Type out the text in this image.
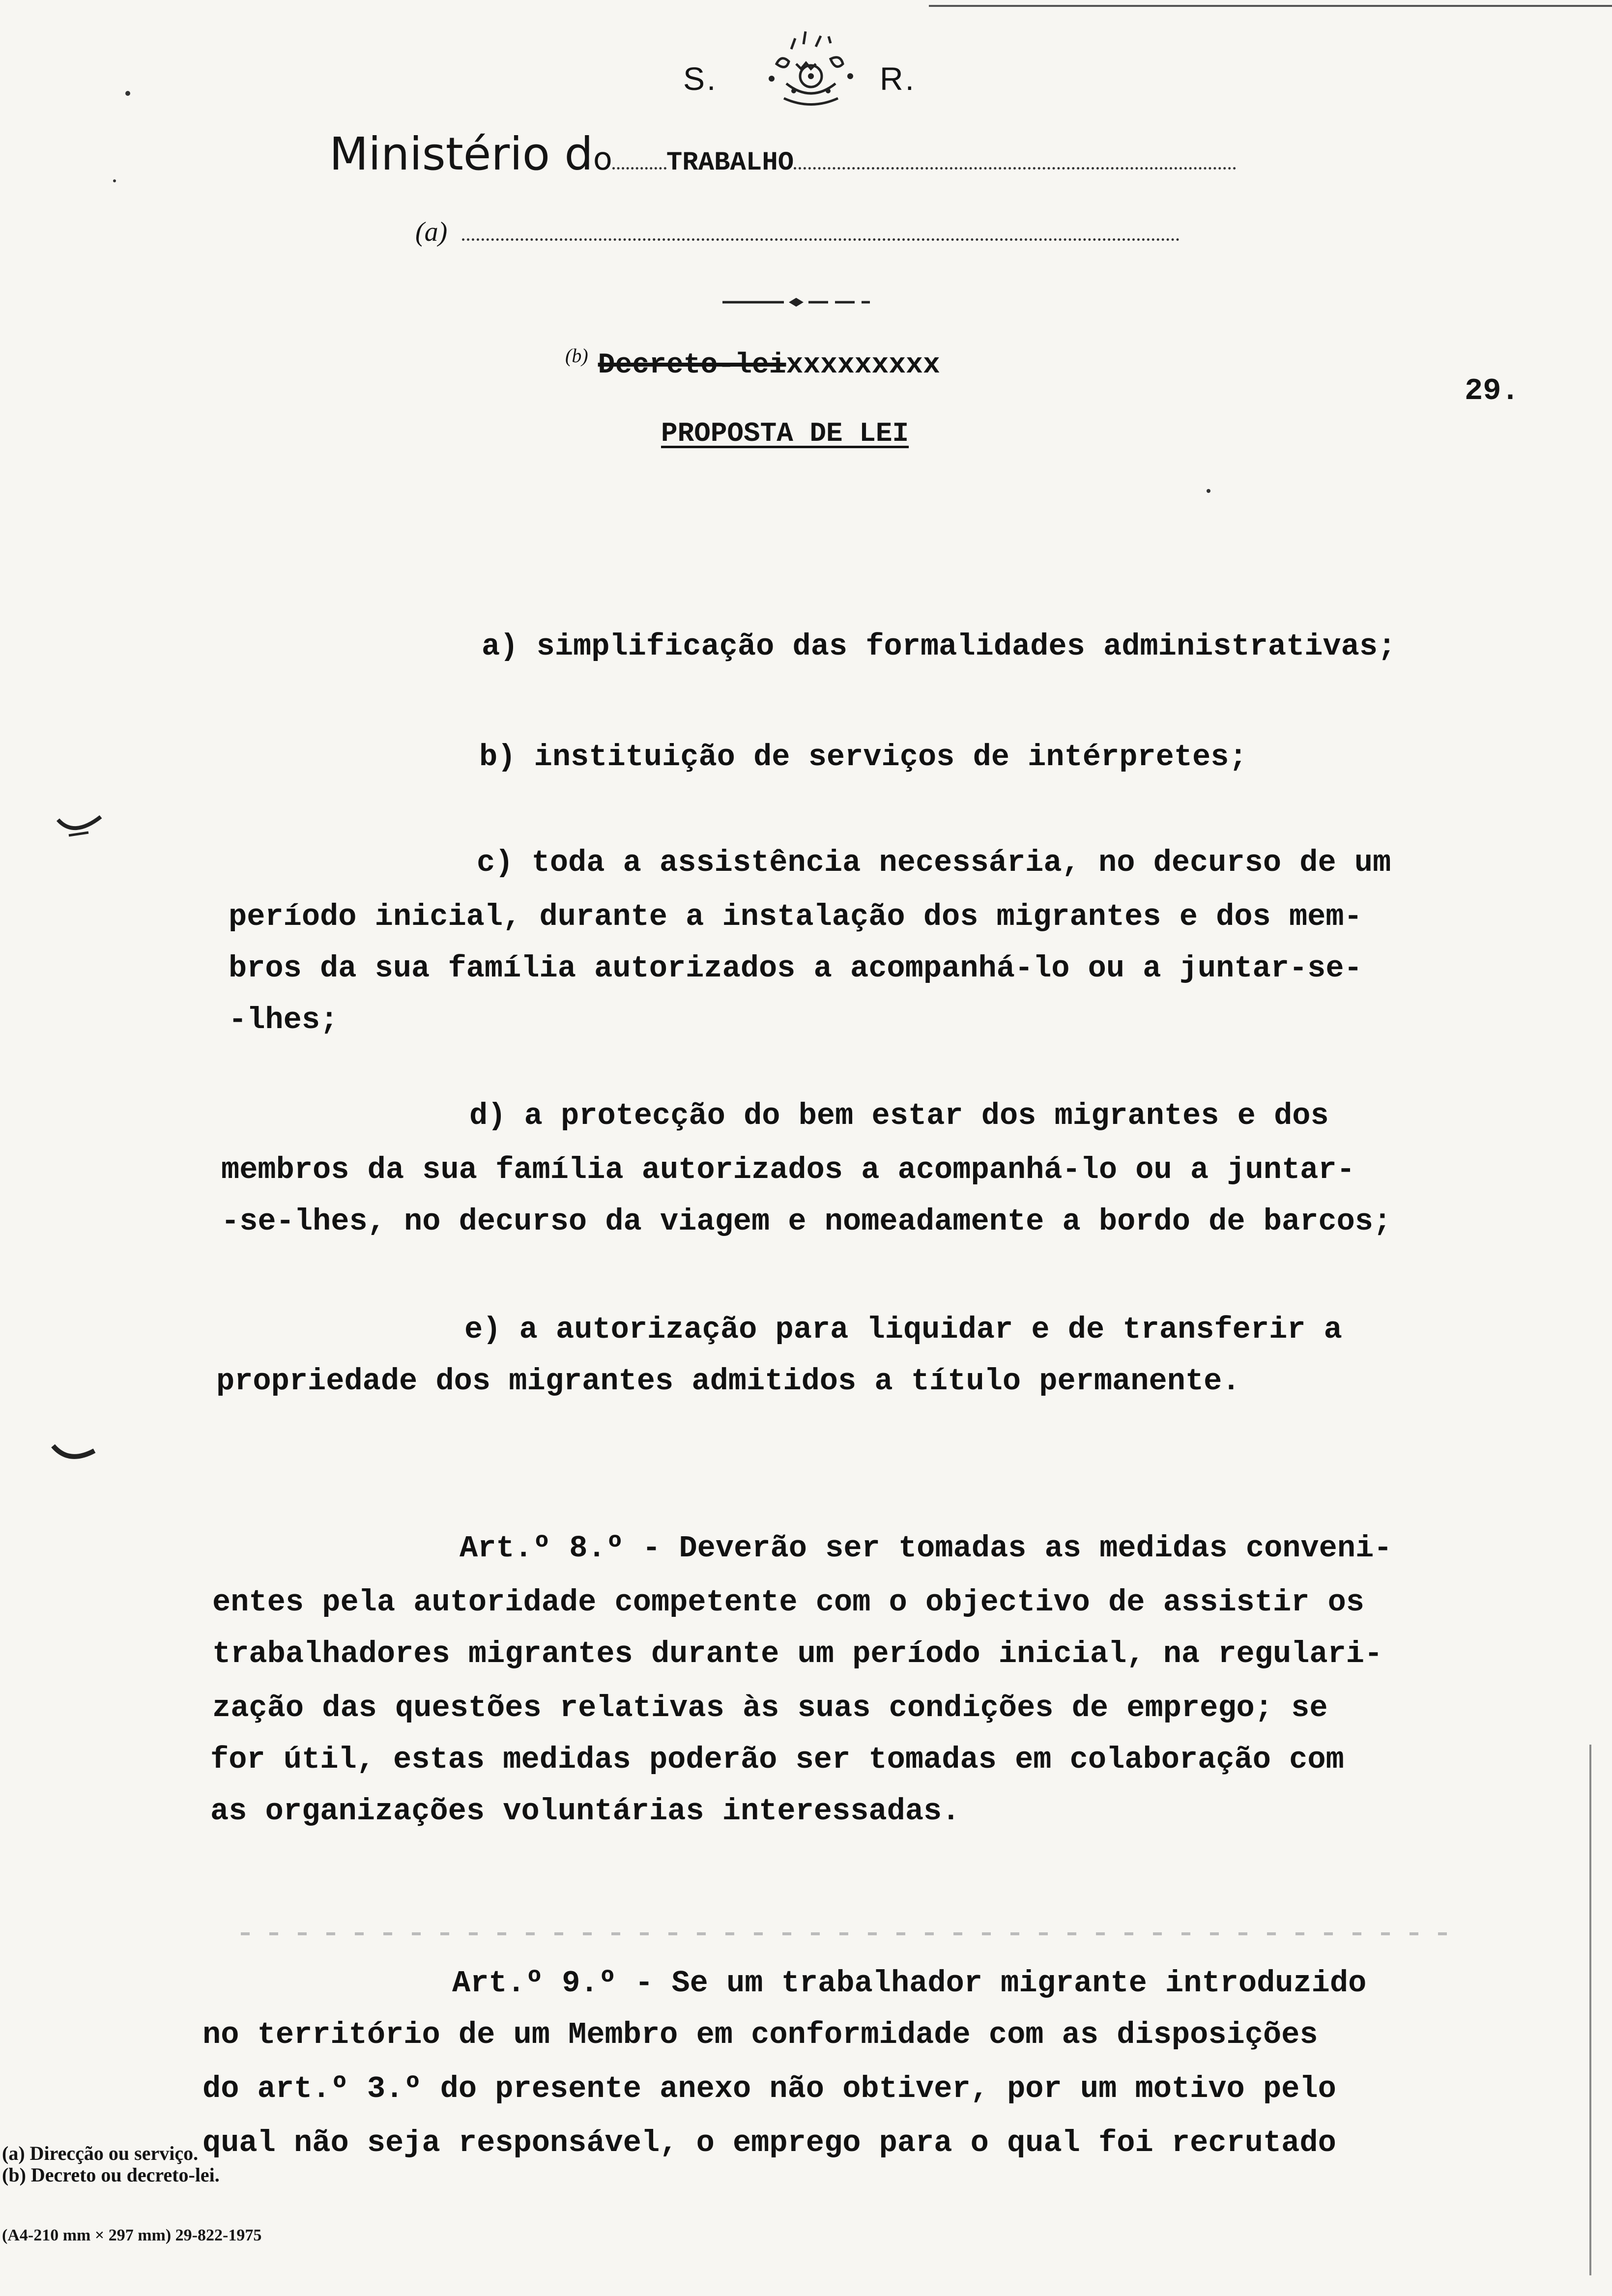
S.	R.
Ministério do TRABALHO
(a)
$^{(b)}$ Decreto-leixxxxxxxxx
29.
PROPOSTA DE LEI
a) simplificação das formalidades administrativas;
b) instituição de serviços de intérpretes;
c) toda a assistência necessária, no decurso de um
período inicial, durante a instalação dos migrantes e dos mem-
bros da sua família autorizados a acompanhá-lo ou a juntar-se-
-lhes;
d) a protecção do bem estar dos migrantes e dos
membros da sua família autorizados a acompanhá-lo ou a juntar-
-se-lhes, no decurso da viagem e nomeadamente a bordo de barcos;
e) a autorização para liquidar e de transferir a
propriedade dos migrantes admitidos a título permanente.
Art.º 8.º - Deverão ser tomadas as medidas conveni-
entes pela autoridade competente com o objectivo de assistir os
trabalhadores migrantes durante um período inicial, na regulari-
zação das questões relativas às suas condições de emprego; se
for útil, estas medidas poderão ser tomadas em colaboração com
as organizações voluntárias interessadas.
Art.º 9.º - Se um trabalhador migrante introduzido
no território de um Membro em conformidade com as disposições
do art.º 3.º do presente anexo não obtiver, por um motivo pelo
qual não seja responsável, o emprego para o qual foi recrutado
(a) Direcção ou serviço.
(b) Decreto ou decreto-lei.
(A4-210 mm × 297 mm) 29-822-1975
